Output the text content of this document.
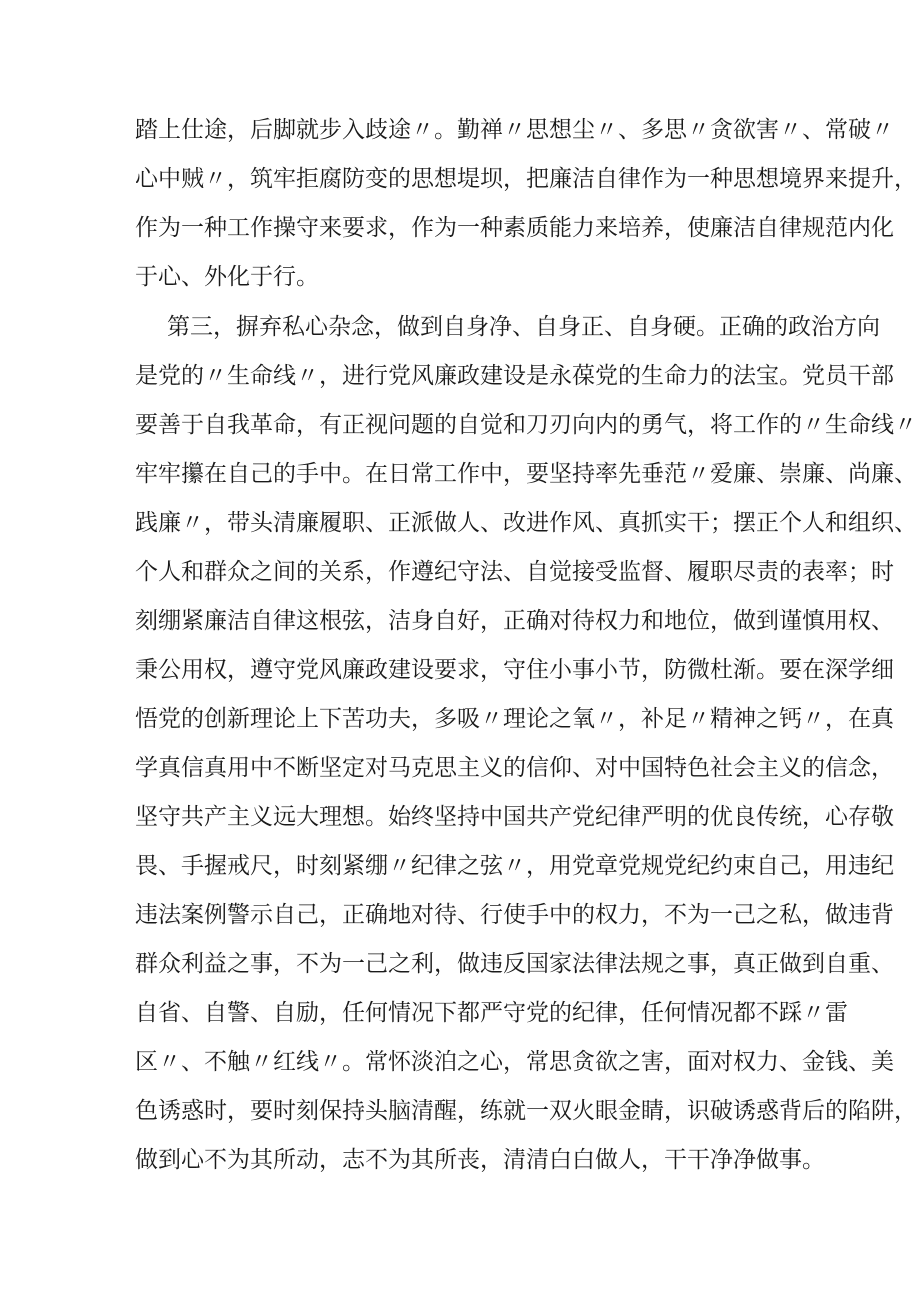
踏上仕途，后脚就步入歧途〃。勤禅〃思想尘〃、多思〃贪欲害〃、常破〃
心中贼〃，筑牢拒腐防变的思想堤坝，把廉洁自律作为一种思想境界来提升，
作为一种工作操守来要求，作为一种素质能力来培养，使廉洁自律规范内化
于心、外化于行。
第三，摒弃私心杂念，做到自身净、自身正、自身硬。正确的政治方向
是党的〃生命线〃，进行党风廉政建设是永葆党的生命力的法宝。党员干部
要善于自我革命，有正视问题的自觉和刀刃向内的勇气，将工作的〃生命线〃
牢牢攥在自己的手中。在日常工作中，要坚持率先垂范〃爱廉、崇廉、尚廉、
践廉〃，带头清廉履职、正派做人、改进作风、真抓实干；摆正个人和组织、
个人和群众之间的关系，作遵纪守法、自觉接受监督、履职尽责的表率；时
刻绷紧廉洁自律这根弦，洁身自好，正确对待权力和地位，做到谨慎用权、
秉公用权，遵守党风廉政建设要求，守住小事小节，防微杜渐。要在深学细
悟党的创新理论上下苦功夫，多吸〃理论之氧〃，补足〃精神之钙〃，在真
学真信真用中不断坚定对马克思主义的信仰、对中国特色社会主义的信念，
坚守共产主义远大理想。始终坚持中国共产党纪律严明的优良传统，心存敬
畏、手握戒尺，时刻紧绷〃纪律之弦〃，用党章党规党纪约束自己，用违纪
违法案例警示自己，正确地对待、行使手中的权力，不为一己之私，做违背
群众利益之事，不为一己之利，做违反国家法律法规之事，真正做到自重、
自省、自警、自励，任何情况下都严守党的纪律，任何情况都不踩〃雷
区〃、不触〃红线〃。常怀淡泊之心，常思贪欲之害，面对权力、金钱、美
色诱惑时，要时刻保持头脑清醒，练就一双火眼金睛，识破诱惑背后的陷阱，
做到心不为其所动，志不为其所丧，清清白白做人，干干净净做事。
